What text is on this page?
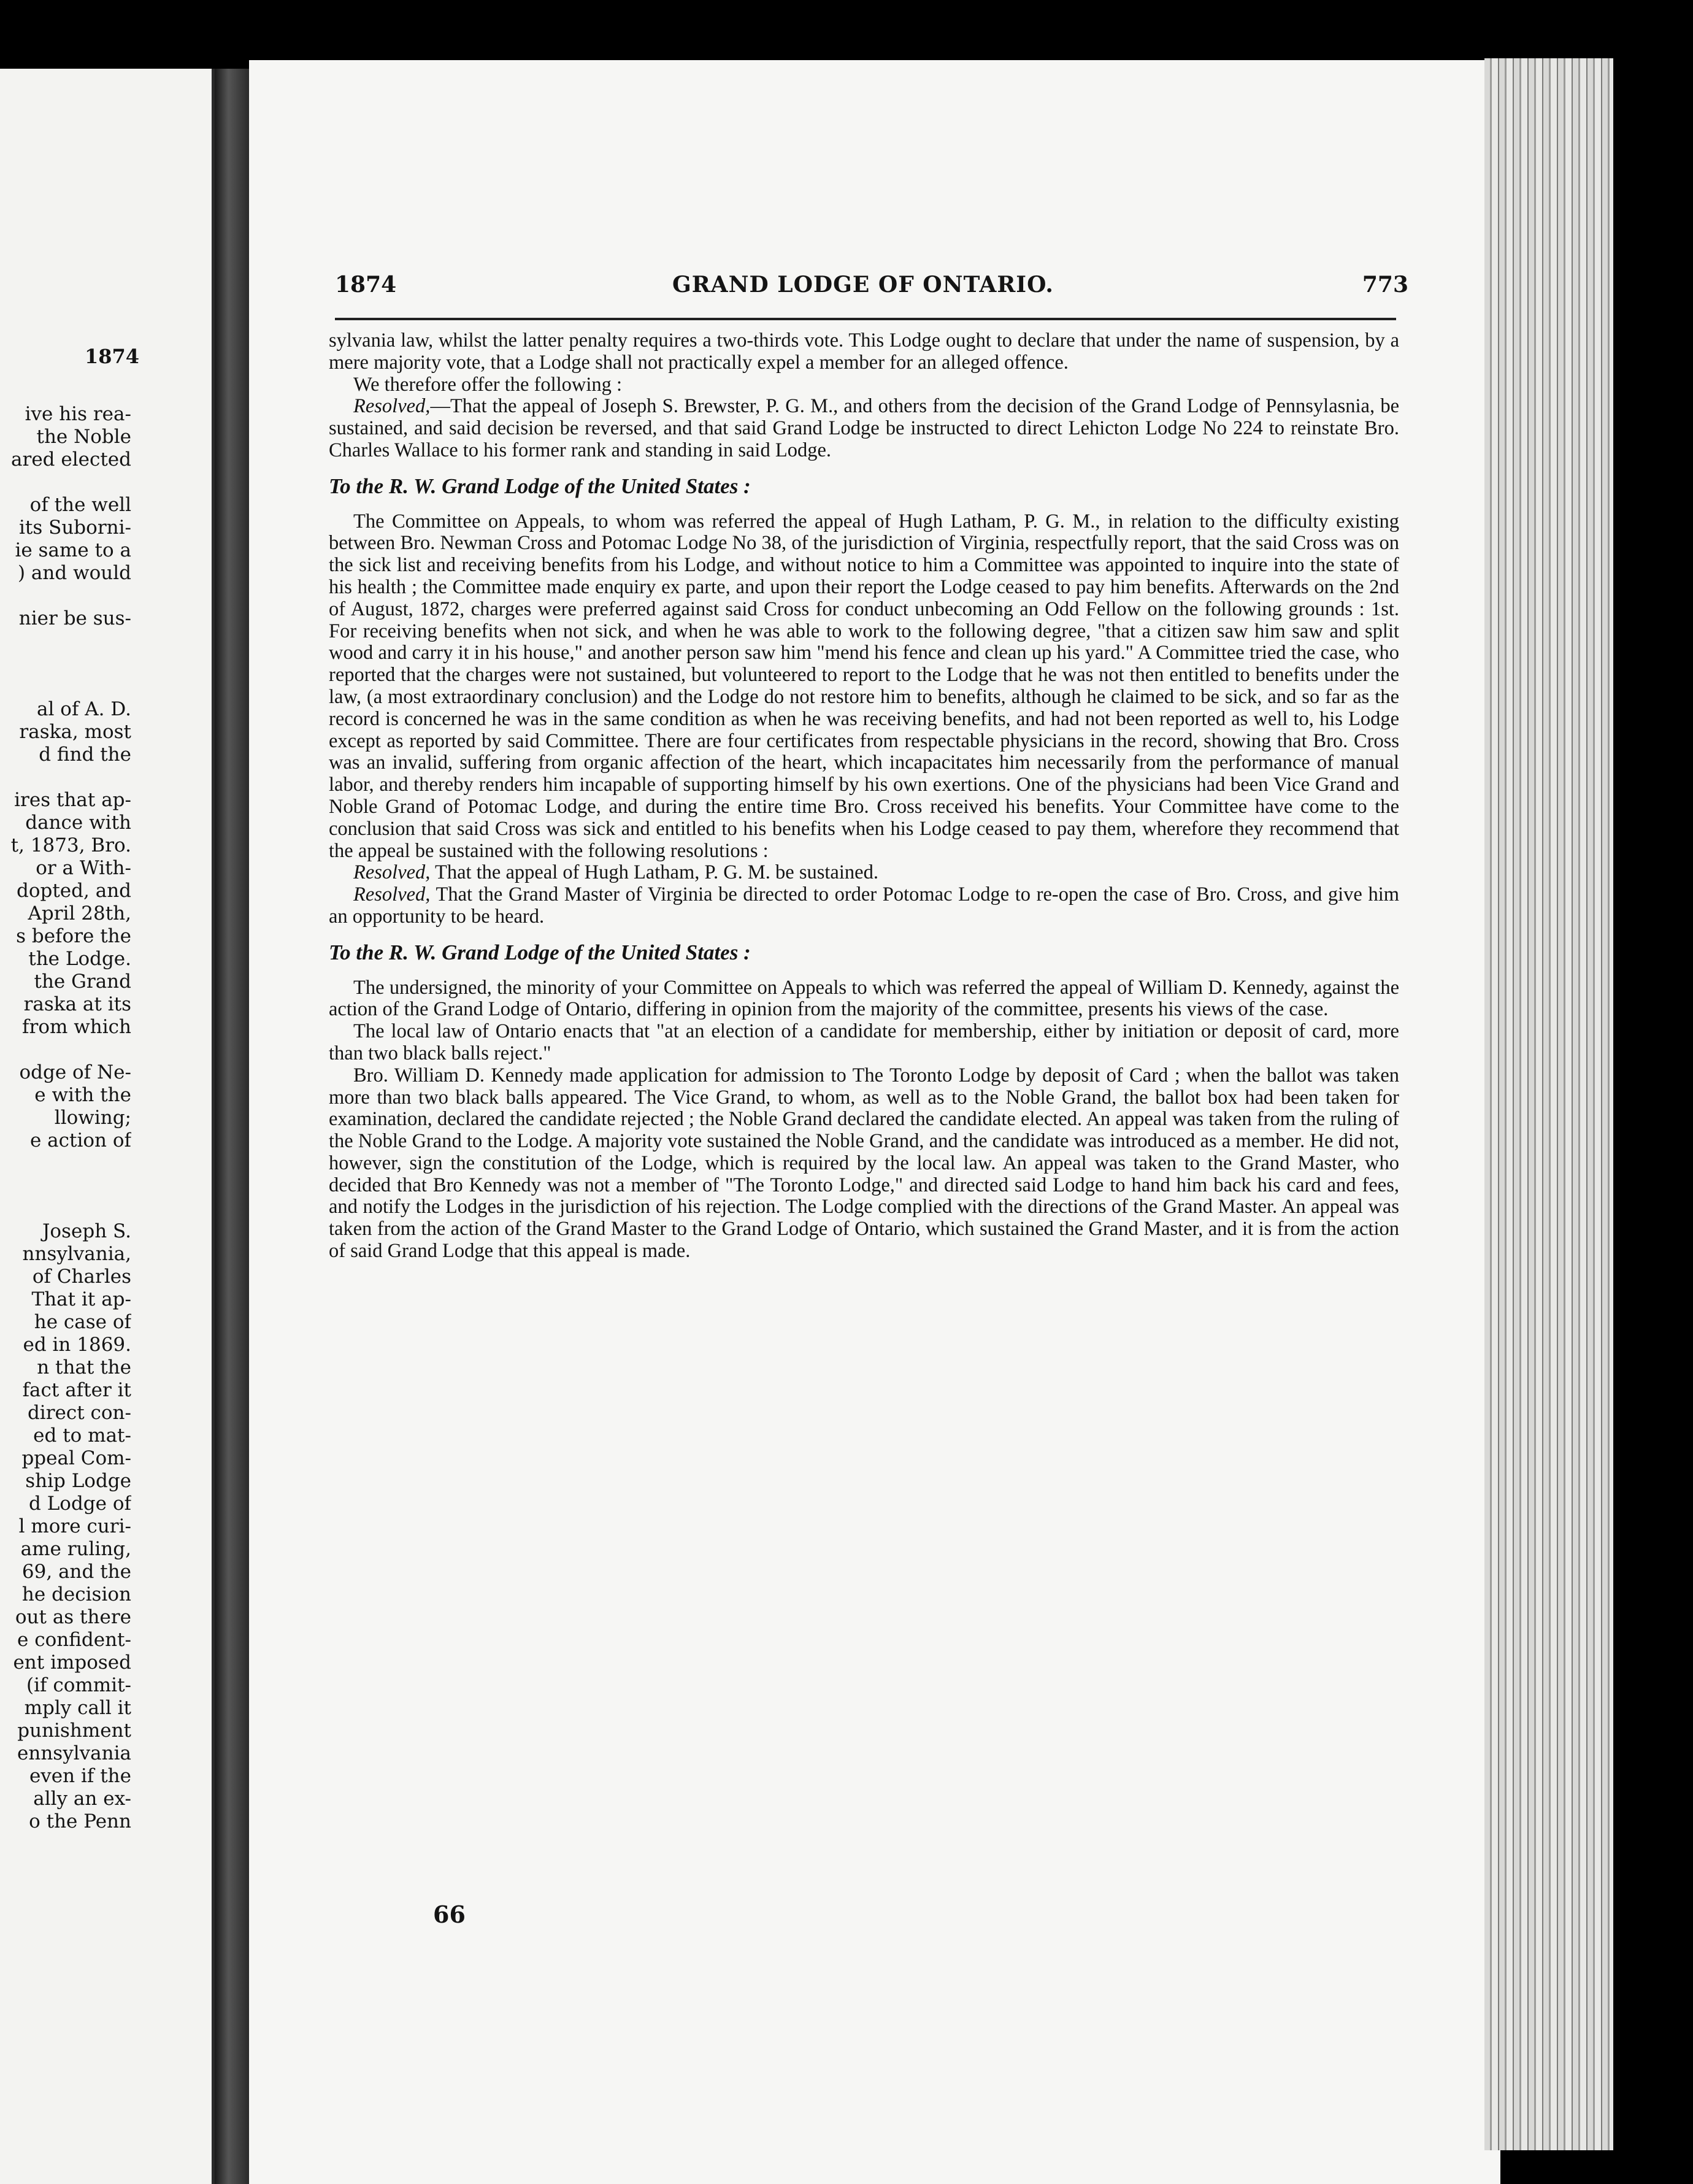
1874
ive his rea-
the Noble
ared elected
of the well
its Suborni-
ie same to a
) and would
nier be sus-
al of A. D.
raska, most
d find the
ires that ap-
dance with
t, 1873, Bro.
or a With-
dopted, and
April 28th,
s before the
the Lodge.
the Grand
raska at its
from which
odge of Ne-
e with the
llowing;
e action of
Joseph S.
nnsylvania,
of Charles
That it ap-
he case of
ed in 1869.
n that the
fact after it
direct con-
ed to mat-
ppeal Com-
ship Lodge
d Lodge of
l more curi-
ame ruling,
69, and the
he decision
out as there
e confident-
ent imposed
(if commit-
mply call it
punishment
ennsylvania
even if the
ally an ex-
o the Penn
1874	GRAND LODGE OF ONTARIO.	773

sylvania law, whilst the latter penalty requires a two-thirds vote. This Lodge ought to declare that under the name of suspension, by a mere majority vote, that a Lodge shall not practically expel a member for an alleged offence.

We therefore offer the following :

Resolved,—That the appeal of Joseph S. Brewster, P. G. M., and others from the decision of the Grand Lodge of Pennsylasnia, be sustained, and said decision be reversed, and that said Grand Lodge be instructed to direct Lehicton Lodge No 224 to reinstate Bro. Charles Wallace to his former rank and standing in said Lodge.

To the R. W. Grand Lodge of the United States :

The Committee on Appeals, to whom was referred the appeal of Hugh Latham, P. G. M., in relation to the difficulty existing between Bro. Newman Cross and Potomac Lodge No 38, of the jurisdiction of Virginia, respectfully report, that the said Cross was on the sick list and receiving benefits from his Lodge, and without notice to him a Committee was appointed to inquire into the state of his health ; the Committee made enquiry ex parte, and upon their report the Lodge ceased to pay him benefits. Afterwards on the 2nd of August, 1872, charges were preferred against said Cross for conduct unbecoming an Odd Fellow on the following grounds : 1st. For receiving benefits when not sick, and when he was able to work to the following degree, "that a citizen saw him saw and split wood and carry it in his house," and another person saw him "mend his fence and clean up his yard." A Committee tried the case, who reported that the charges were not sustained, but volunteered to report to the Lodge that he was not then entitled to benefits under the law, (a most extraordinary conclusion) and the Lodge do not restore him to benefits, although he claimed to be sick, and so far as the record is concerned he was in the same condition as when he was receiving benefits, and had not been reported as well to, his Lodge except as reported by said Committee. There are four certificates from respectable physicians in the record, showing that Bro. Cross was an invalid, suffering from organic affection of the heart, which incapacitates him necessarily from the performance of manual labor, and thereby renders him incapable of supporting himself by his own exertions. One of the physicians had been Vice Grand and Noble Grand of Potomac Lodge, and during the entire time Bro. Cross received his benefits. Your Committee have come to the conclusion that said Cross was sick and entitled to his benefits when his Lodge ceased to pay them, wherefore they recommend that the appeal be sustained with the following resolutions :

Resolved, That the appeal of Hugh Latham, P. G. M. be sustained.

Resolved, That the Grand Master of Virginia be directed to order Potomac Lodge to re-open the case of Bro. Cross, and give him an opportunity to be heard.

To the R. W. Grand Lodge of the United States :

The undersigned, the minority of your Committee on Appeals to which was referred the appeal of William D. Kennedy, against the action of the Grand Lodge of Ontario, differing in opinion from the majority of the committee, presents his views of the case.

The local law of Ontario enacts that "at an election of a candidate for membership, either by initiation or deposit of card, more than two black balls reject."

Bro. William D. Kennedy made application for admission to The Toronto Lodge by deposit of Card ; when the ballot was taken more than two black balls appeared. The Vice Grand, to whom, as well as to the Noble Grand, the ballot box had been taken for examination, declared the candidate rejected ; the Noble Grand declared the candidate elected. An appeal was taken from the ruling of the Noble Grand to the Lodge. A majority vote sustained the Noble Grand, and the candidate was introduced as a member. He did not, however, sign the constitution of the Lodge, which is required by the local law. An appeal was taken to the Grand Master, who decided that Bro Kennedy was not a member of "The Toronto Lodge," and directed said Lodge to hand him back his card and fees, and notify the Lodges in the jurisdiction of his rejection. The Lodge complied with the directions of the Grand Master. An appeal was taken from the action of the Grand Master to the Grand Lodge of Ontario, which sustained the Grand Master, and it is from the action of said Grand Lodge that this appeal is made.

66
